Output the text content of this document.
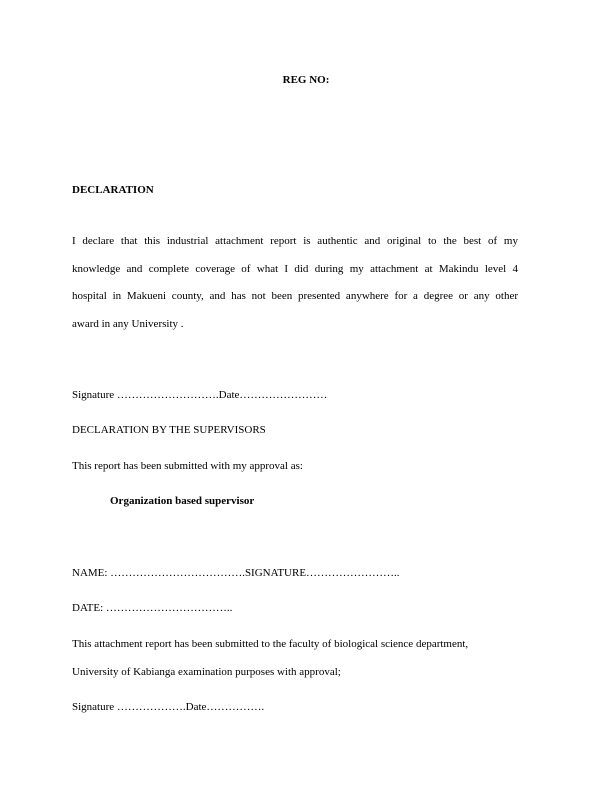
REG NO:
DECLARATION
I declare that this industrial attachment report is authentic and original to the best of my
knowledge and complete coverage of what I did during my attachment at Makindu level 4
hospital in Makueni county, and has not been presented anywhere for a degree or any other
award in any University .
Signature ……………………….Date……………………
DECLARATION BY THE SUPERVISORS
This report has been submitted with my approval as:
Organization based supervisor
NAME: ……………………………….SIGNATURE……………………..
DATE: ……………………………..
This attachment report has been submitted to the faculty of biological science department,
University of Kabianga examination purposes with approval;
Signature ……………….Date…………….
